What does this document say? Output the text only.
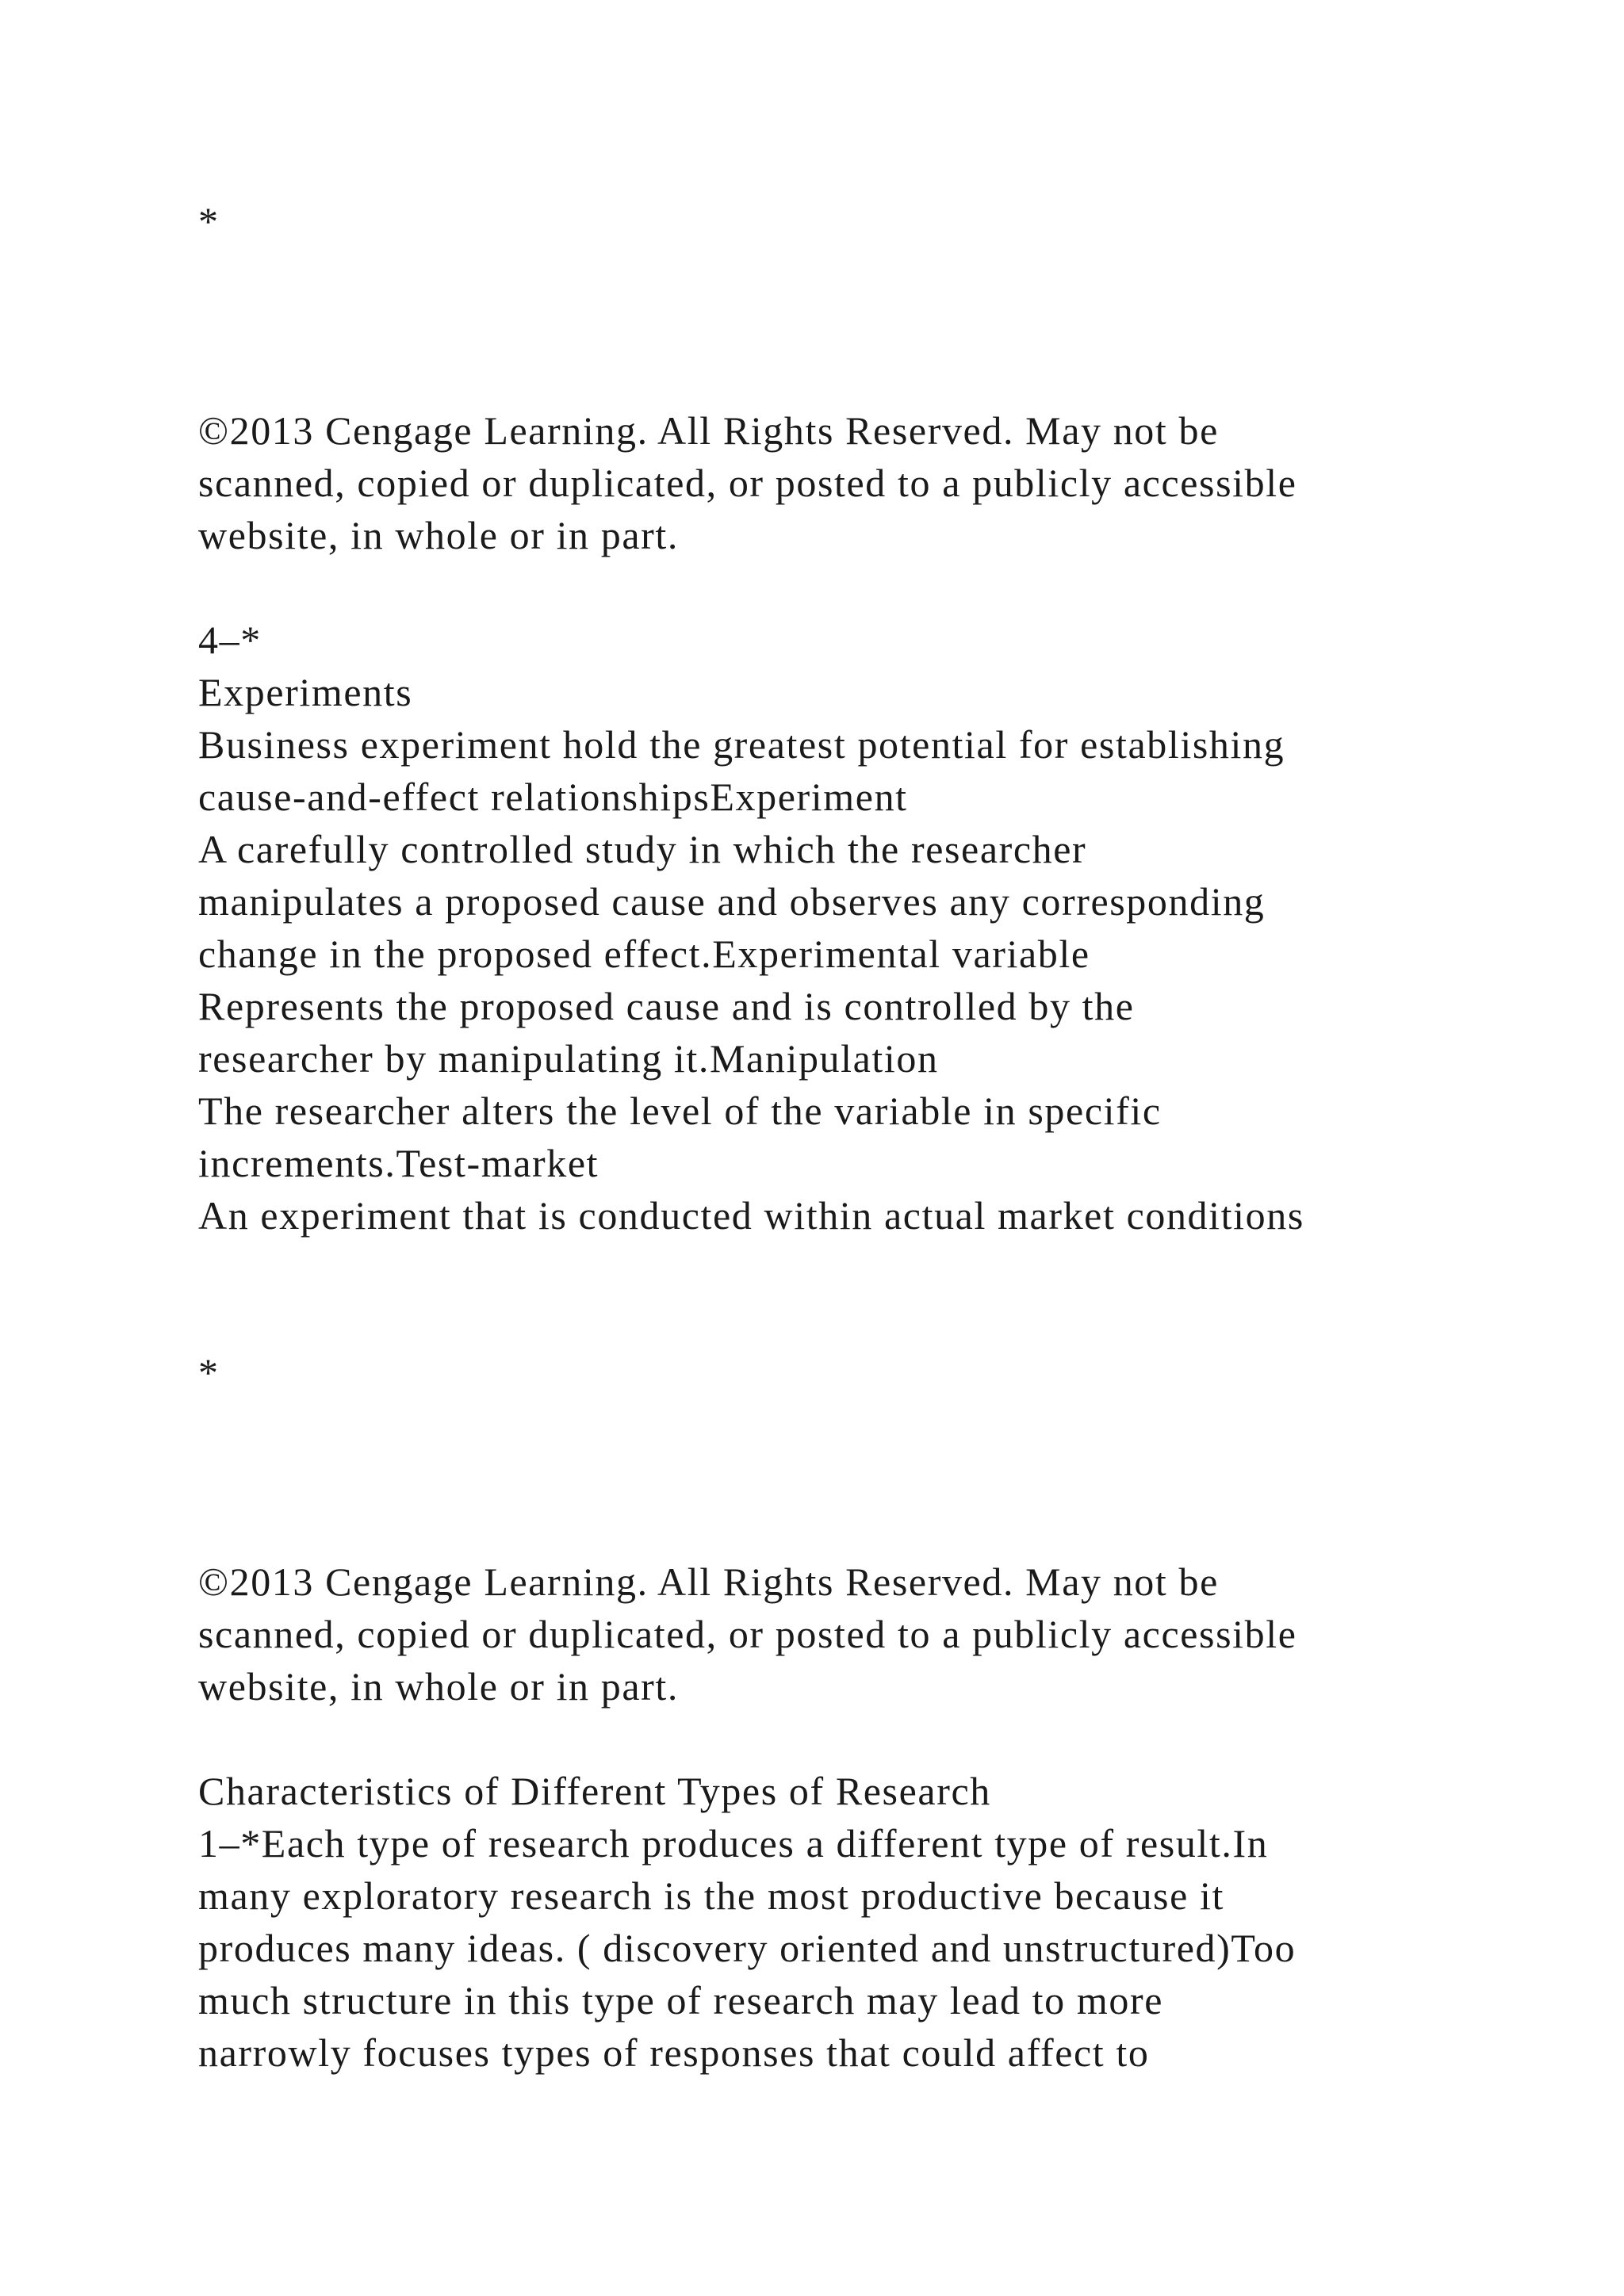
*

©2013 Cengage Learning. All Rights Reserved. May not be

scanned, copied or duplicated, or posted to a publicly accessible

website, in whole or in part.

4–*

Experiments

Business experiment hold the greatest potential for establishing

cause-and-effect relationshipsExperiment

A carefully controlled study in which the researcher

manipulates a proposed cause and observes any corresponding

change in the proposed effect.Experimental variable

Represents the proposed cause and is controlled by the

researcher by manipulating it.Manipulation

The researcher alters the level of the variable in specific

increments.Test-market

An experiment that is conducted within actual market conditions

*

©2013 Cengage Learning. All Rights Reserved. May not be

scanned, copied or duplicated, or posted to a publicly accessible

website, in whole or in part.

Characteristics of Different Types of Research

1–*Each type of research produces a different type of result.In

many exploratory research is the most productive because it

produces many ideas. ( discovery oriented and unstructured)Too

much structure in this type of research may lead to more

narrowly focuses types of responses that could affect to
